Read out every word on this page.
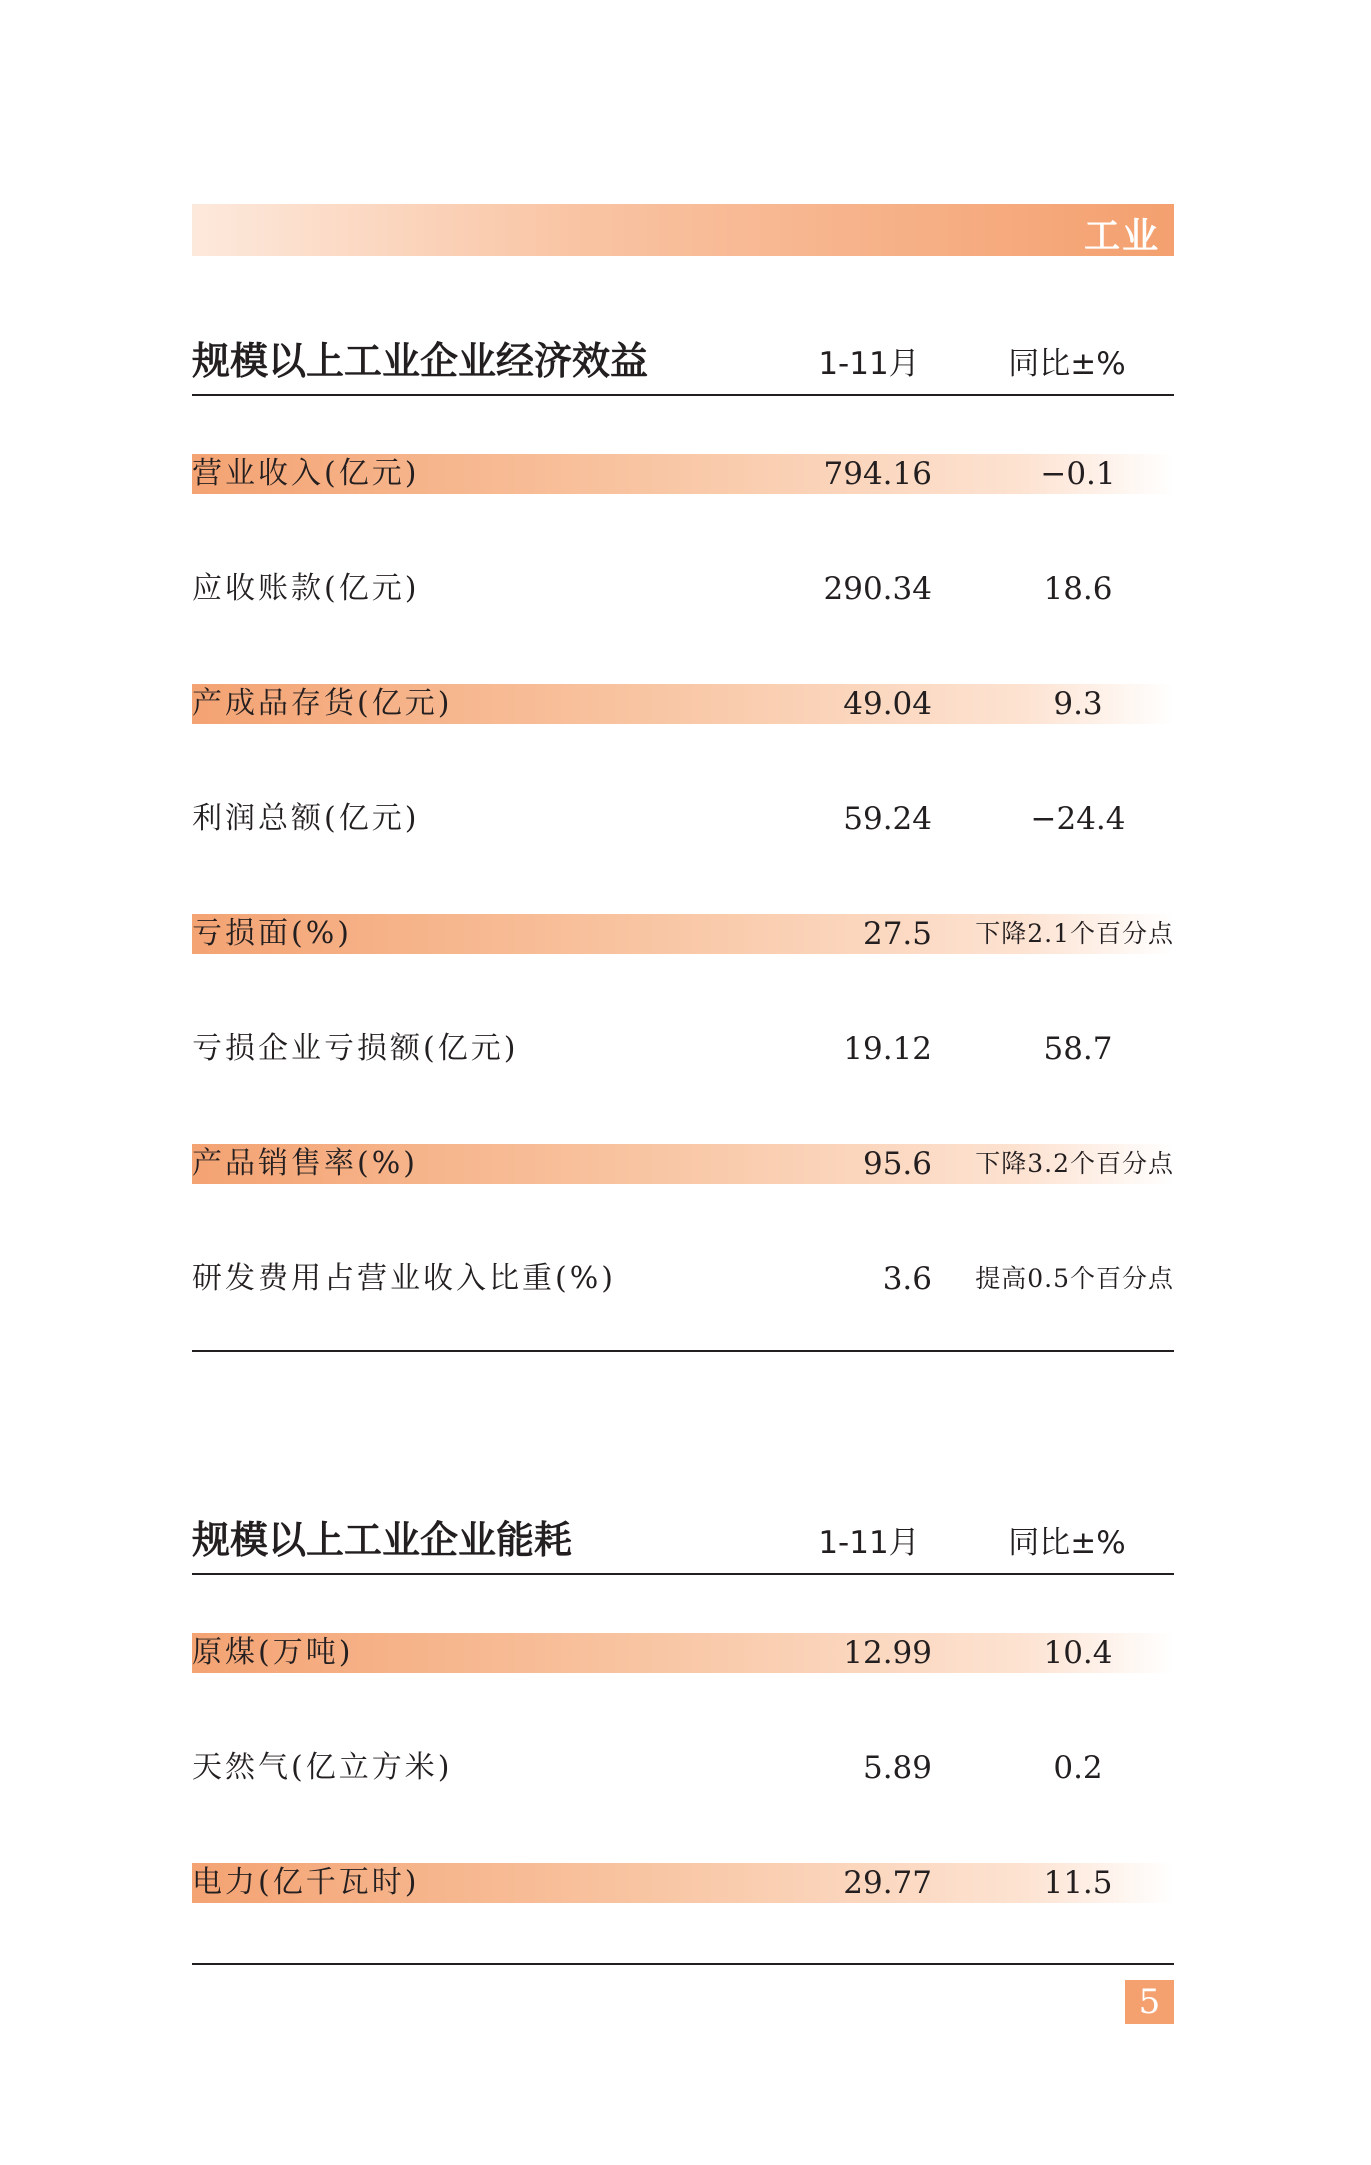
工业
规模以上工业企业经济效益	1-11月	同比±%
营业收入(亿元)	794.16	−0.1
应收账款(亿元)	290.34	18.6
产成品存货(亿元)	49.04	9.3
利润总额(亿元)	59.24	−24.4
亏损面(%)	27.5	下降2.1个百分点
亏损企业亏损额(亿元)	19.12	58.7
产品销售率(%)	95.6	下降3.2个百分点
研发费用占营业收入比重(%)	3.6	提高0.5个百分点
规模以上工业企业能耗	1-11月	同比±%
原煤(万吨)	12.99	10.4
天然气(亿立方米)	5.89	0.2
电力(亿千瓦时)	29.77	11.5
5
